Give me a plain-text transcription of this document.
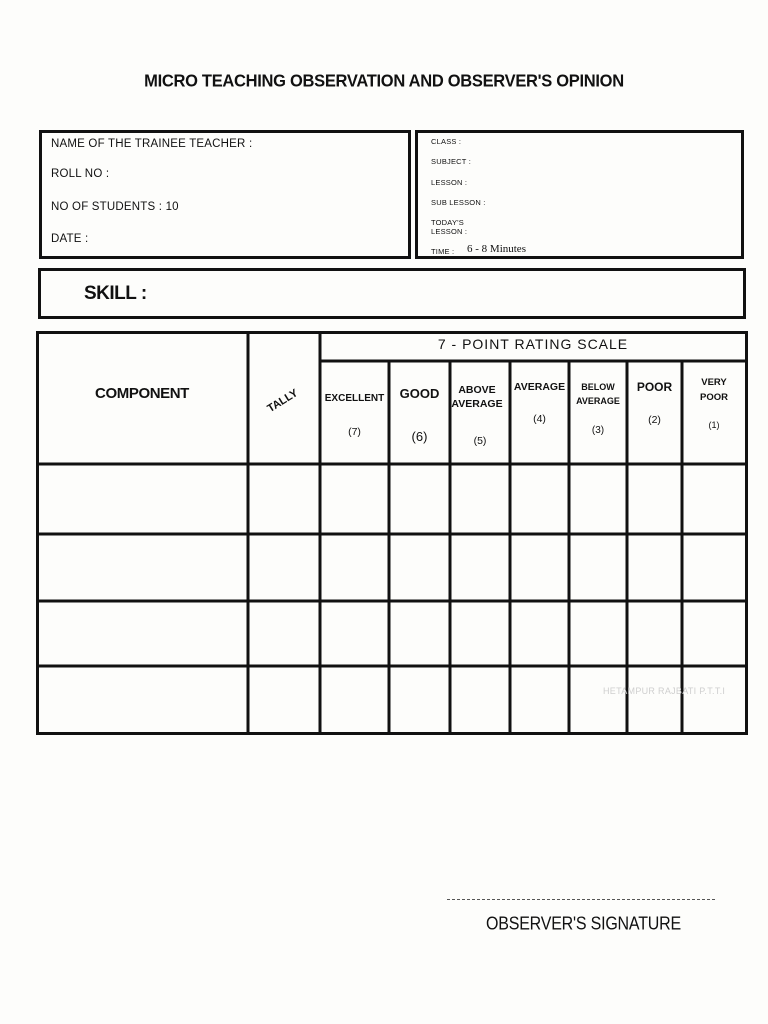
MICRO TEACHING OBSERVATION AND OBSERVER'S OPINION
NAME OF THE TRAINEE TEACHER :
ROLL NO :
NO OF STUDENTS : 10
DATE :
CLASS :
SUBJECT :
LESSON :
SUB LESSON :
TODAY'S
LESSON :
TIME : 6 - 8 Minutes
SKILL :
COMPONENT	TALLY
7 - POINT RATING SCALE
EXCELLENT
(7)
GOOD
(6)
ABOVE
AVERAGE
(5)
AVERAGE
(4)
BELOW
AVERAGE
(3)
POOR
(2)
VERY
POOR
(1)
HETAMPUR RAJBATI P.T.T.I
OBSERVER'S SIGNATURE
